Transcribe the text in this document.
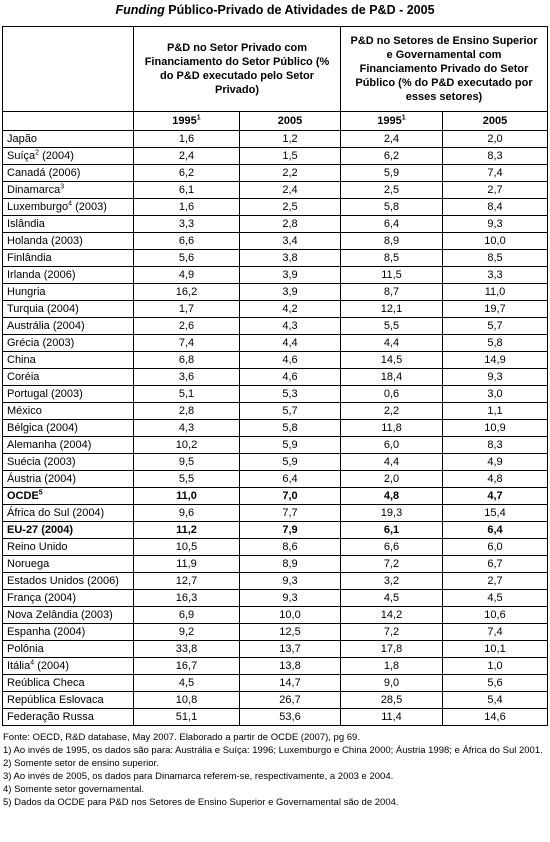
Funding Público-Privado de Atividades de P&D - 2005
	P&D no Setor Privado com Financiamento do Setor Público (% do P&D executado pelo Setor Privado)		P&D no Setores de Ensino Superior e Governamental com Financiamento Privado do Setor Público (% do P&D executado por esses setores)	
	1995$^1$	2005	1995$^1$	2005
Japão	1,6	1,2	2,4	2,0
Suíça$^2$ (2004)	2,4	1,5	6,2	8,3
Canadá (2006)	6,2	2,2	5,9	7,4
Dinamarca$^3$	6,1	2,4	2,5	2,7
Luxemburgo$^4$ (2003)	1,6	2,5	5,8	8,4
Islândia	3,3	2,8	6,4	9,3
Holanda (2003)	6,6	3,4	8,9	10,0
Finlândia	5,6	3,8	8,5	8,5
Irlanda (2006)	4,9	3,9	11,5	3,3
Hungria	16,2	3,9	8,7	11,0
Turquia (2004)	1,7	4,2	12,1	19,7
Austrália (2004)	2,6	4,3	5,5	5,7
Grécia (2003)	7,4	4,4	4,4	5,8
China	6,8	4,6	14,5	14,9
Coréia	3,6	4,6	18,4	9,3
Portugal (2003)	5,1	5,3	0,6	3,0
México	2,8	5,7	2,2	1,1
Bélgica (2004)	4,3	5,8	11,8	10,9
Alemanha (2004)	10,2	5,9	6,0	8,3
Suécia (2003)	9,5	5,9	4,4	4,9
Áustria (2004)	5,5	6,4	2,0	4,8
OCDE$^5$	11,0	7,0	4,8	4,7
África do Sul (2004)	9,6	7,7	19,3	15,4
EU-27 (2004)	11,2	7,9	6,1	6,4
Reino Unido	10,5	8,6	6,6	6,0
Noruega	11,9	8,9	7,2	6,7
Estados Unidos (2006)	12,7	9,3	3,2	2,7
França (2004)	16,3	9,3	4,5	4,5
Nova Zelândia (2003)	6,9	10,0	14,2	10,6
Espanha (2004)	9,2	12,5	7,2	7,4
Polônia	33,8	13,7	17,8	10,1
Itália$^4$ (2004)	16,7	13,8	1,8	1,0
Reública Checa	4,5	14,7	9,0	5,6
República Eslovaca	10,8	26,7	28,5	5,4
Federação Russa	51,1	53,6	11,4	14,6
Fonte: OECD, R&D database, May 2007. Elaborado a partir de OCDE (2007), pg 69.
1) Ao invés de 1995, os dados são para: Austrália e Suíça: 1996; Luxemburgo e China 2000; Áustria 1998; e África do Sul 2001.
2) Somente setor de ensino superior.
3) Ao invés de 2005, os dados para Dinamarca referem-se, respectivamente, a 2003 e 2004.
4) Somente setor governamental.
5) Dados da OCDE para P&D nos Setores de Ensino Superior e Governamental são de 2004.
